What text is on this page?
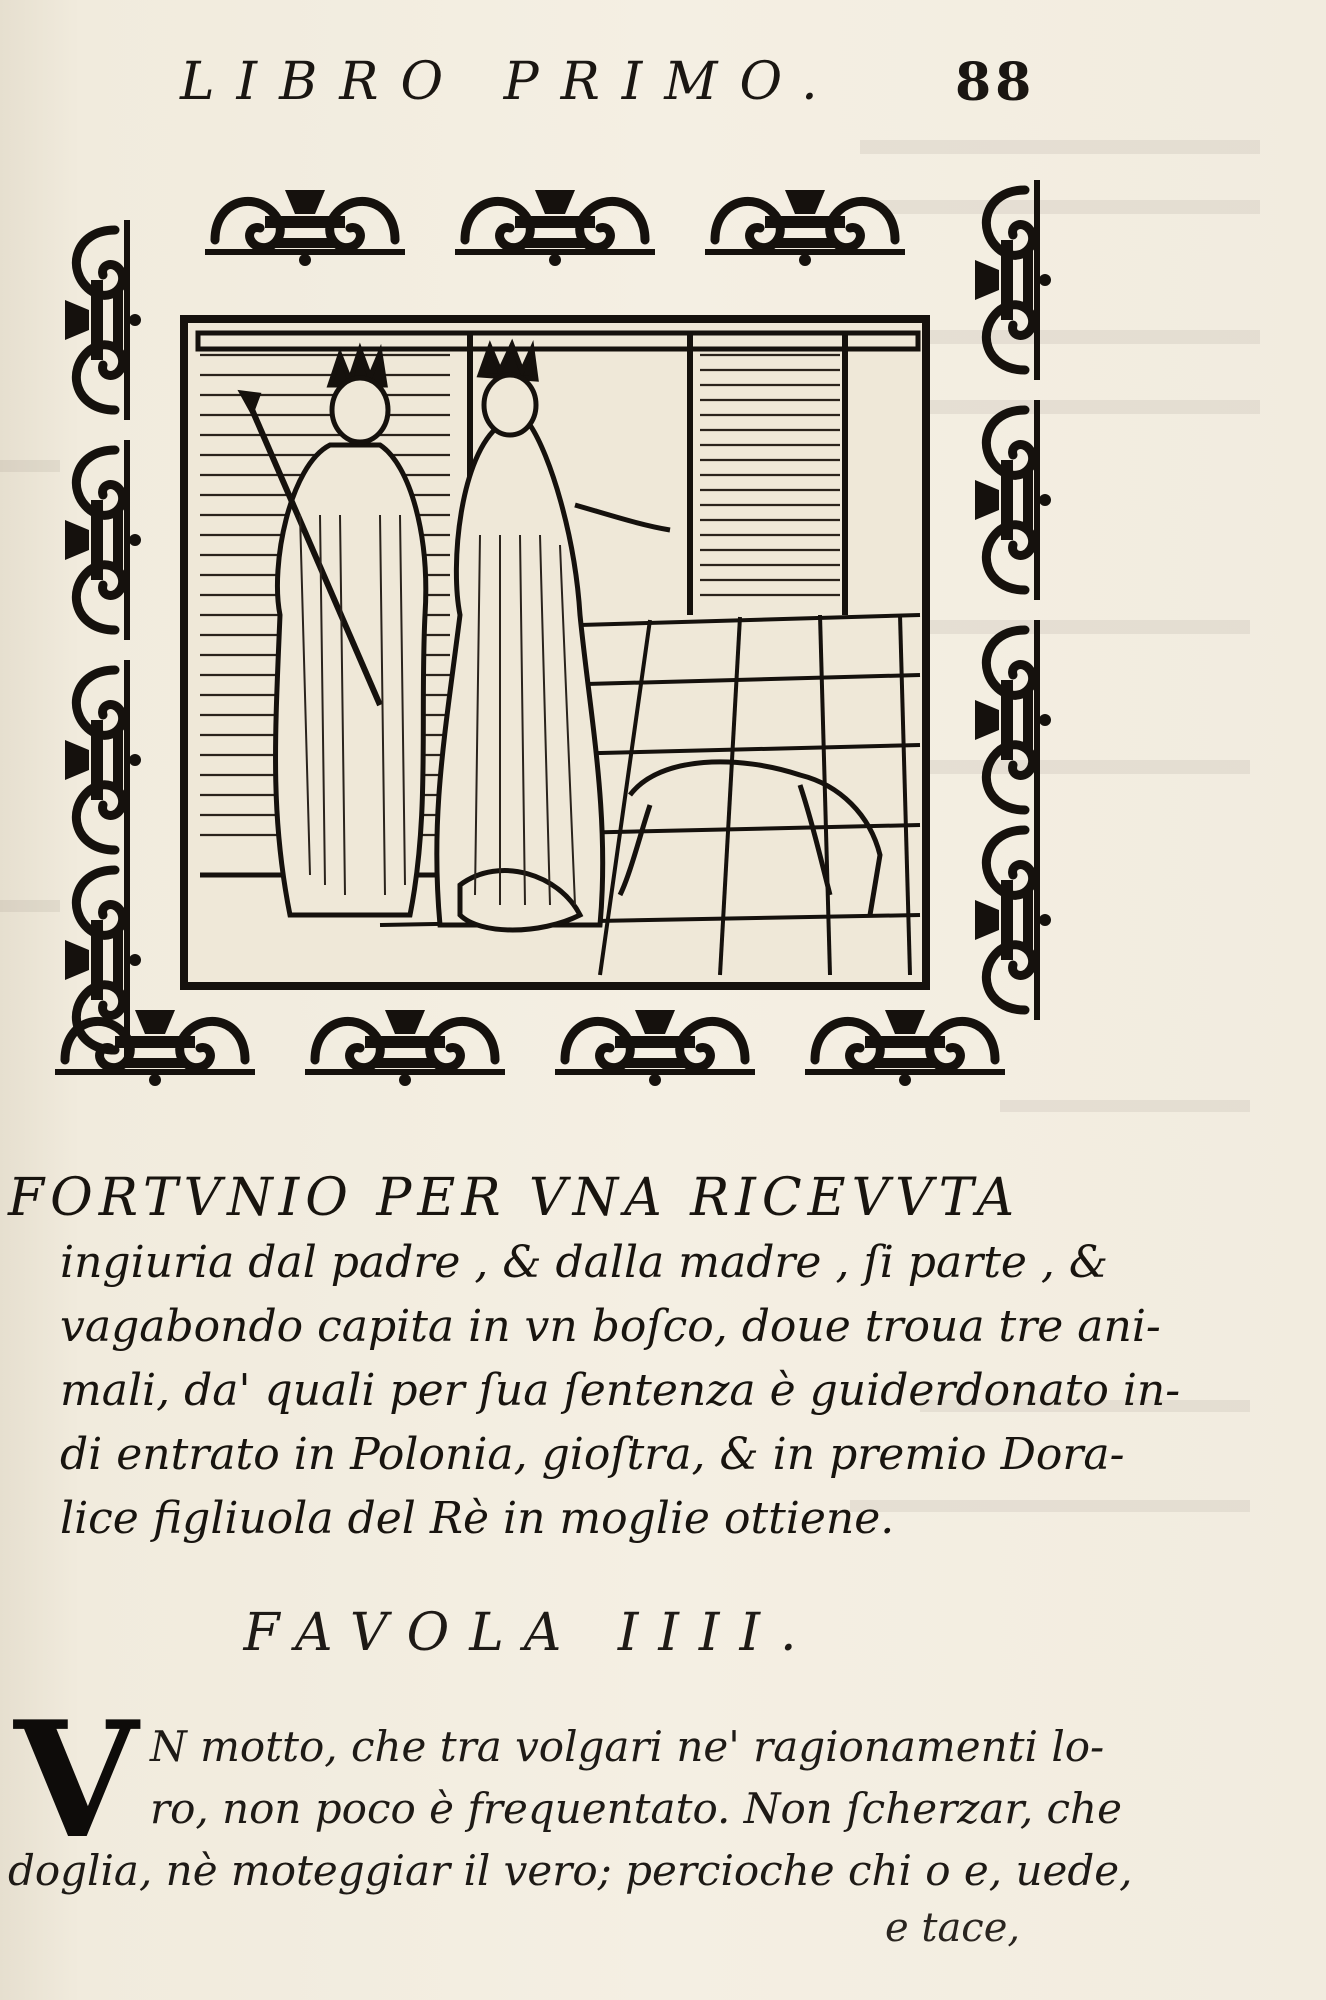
LIBRO PRIMO. 88
FORTVNIO PER VNA RICEVVTA
ingiuria dal padre , & dalla madre , ſi parte , &
vagabondo capita in vn boſco, doue troua tre ani-
mali, da' quali per ſua ſentenza è guiderdonato in-
di entrato in Polonia, gioſtra, & in premio Dora-
lice figliuola del Rè in moglie ottiene.
FAVOLA IIII.
V N motto, che tra volgari ne' ragionamenti lo-
ro, non poco è frequentato. Non ſcherzar, che
doglia, nè moteggiar il vero; percioche chi o e, uede,
e tace,
